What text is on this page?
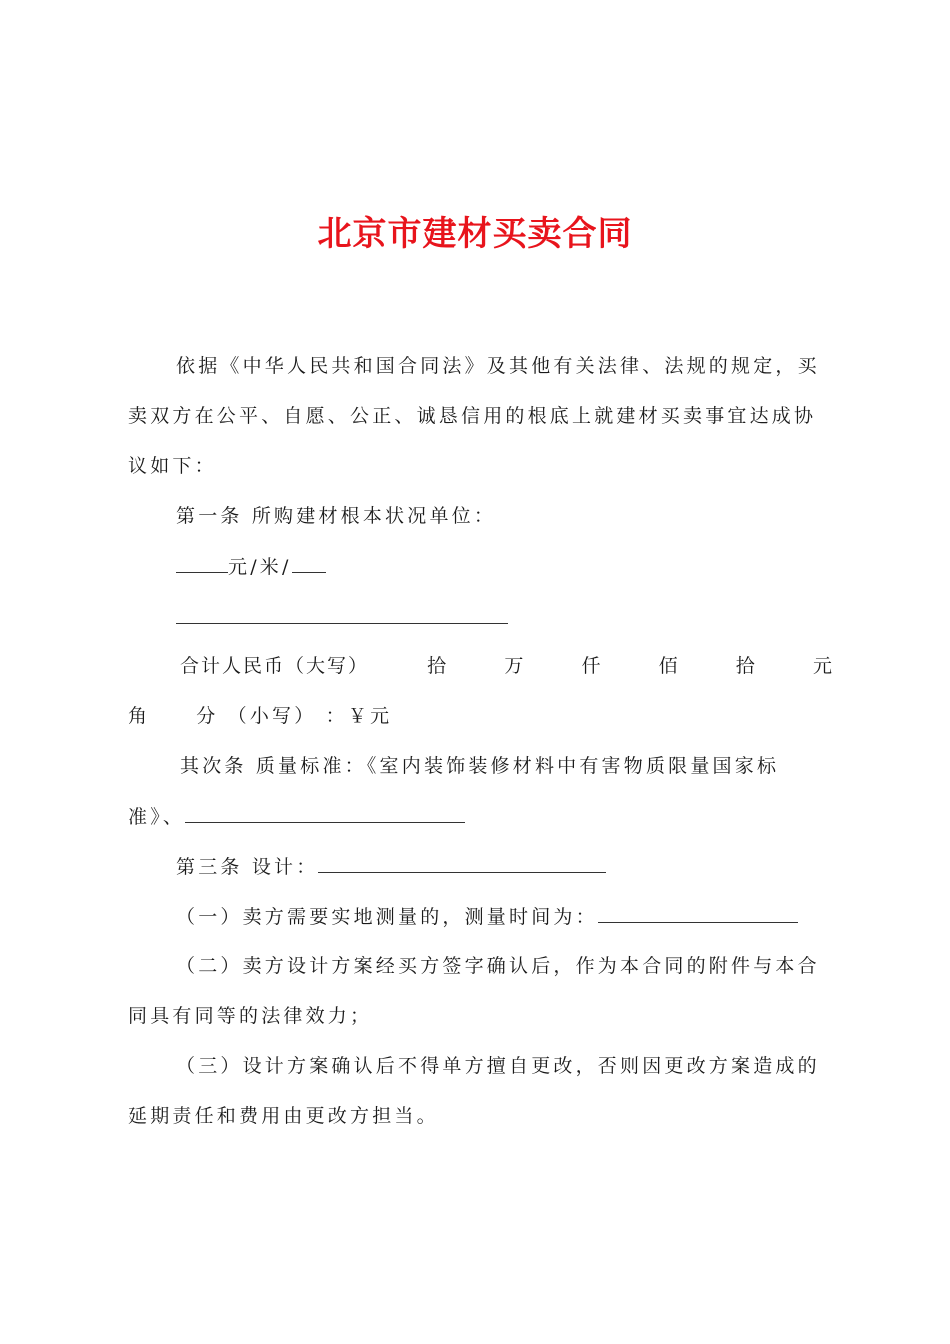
北京市建材买卖合同
依据《中华人民共和国合同法》及其他有关法律、法规的规定，买
卖双方在公平、自愿、公正、诚恳信用的根底上就建材买卖事宜达成协
议如下：
第一条 所购建材根本状况单位：
元/米/
合计人民币（大写）	拾	万	仟	佰	拾	元
角 分 （小写） ：￥元
其次条 质量标准：《室内装饰装修材料中有害物质限量国家标
准》、
第三条 设计：
（一）卖方需要实地测量的，测量时间为：
（二）卖方设计方案经买方签字确认后，作为本合同的附件与本合
同具有同等的法律效力；
（三）设计方案确认后不得单方擅自更改，否则因更改方案造成的
延期责任和费用由更改方担当。
